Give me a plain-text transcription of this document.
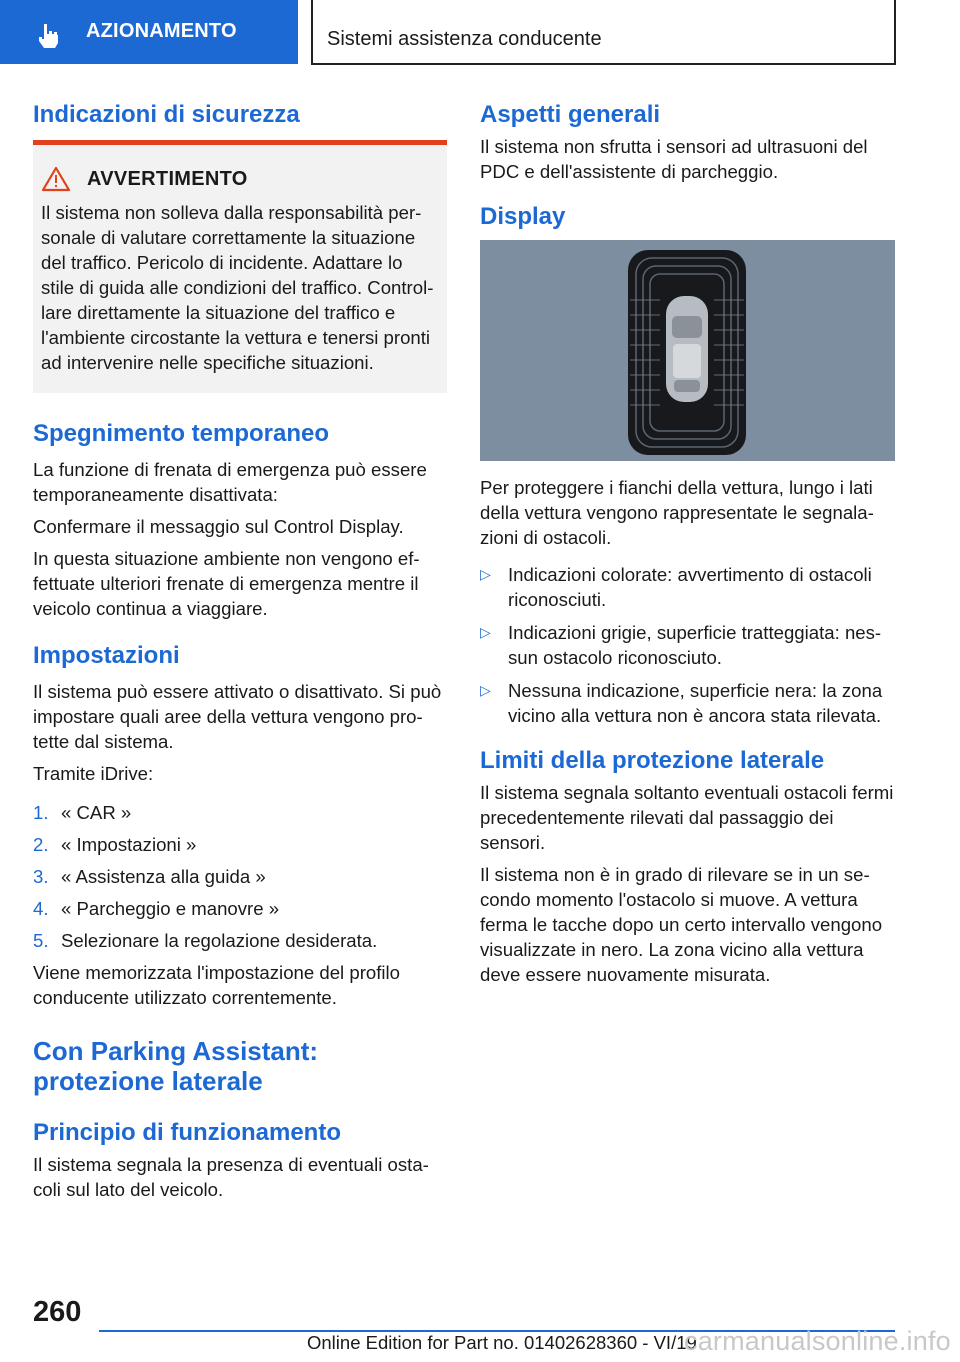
AZIONAMENTO	Sistemi assistenza conducente
Indicazioni di sicurezza
AVVERTIMENTO

Il sistema non solleva dalla responsabilità personale di valutare correttamente la situazione del traffico. Pericolo di incidente. Adattare lo stile di guida alle condizioni del traffico. Controllare direttamente la situazione del traffico e l'ambiente circostante la vettura e tenersi pronti ad intervenire nelle specifiche situazioni.

Spegnimento temporaneo

La funzione di frenata di emergenza può essere temporaneamente disattivata:

Confermare il messaggio sul Control Display.

In questa situazione ambiente non vengono effettuate ulteriori frenate di emergenza mentre il veicolo continua a viaggiare.

Impostazioni

Il sistema può essere attivato o disattivato. Si può impostare quali aree della vettura vengono protette dal sistema.

Tramite iDrive:

1. « CAR »
2. « Impostazioni »
3. « Assistenza alla guida »
4. « Parcheggio e manovre »
5. Selezionare la regolazione desiderata.

Viene memorizzata l'impostazione del profilo conducente utilizzato correntemente.

Con Parking Assistant:
protezione laterale
Principio di funzionamento

Il sistema segnala la presenza di eventuali ostacoli sul lato del veicolo.

Aspetti generali

Il sistema non sfrutta i sensori ad ultrasuoni del PDC e dell'assistente di parcheggio.

Display

Per proteggere i fianchi della vettura, lungo i lati della vettura vengono rappresentate le segnalazioni di ostacoli.

▷ Indicazioni colorate: avvertimento di ostacoli riconosciuti.
▷ Indicazioni grigie, superficie tratteggiata: nessun ostacolo riconosciuto.
▷ Nessuna indicazione, superficie nera: la zona vicino alla vettura non è ancora stata rilevata.
Limiti della protezione laterale

Il sistema segnala soltanto eventuali ostacoli fermi precedentemente rilevati dal passaggio dei sensori.

Il sistema non è in grado di rilevare se in un secondo momento l'ostacolo si muove. A vettura ferma le tacche dopo un certo intervallo vengono visualizzate in nero. La zona vicino alla vettura deve essere nuovamente misurata.

260
Online Edition for Part no. 01402628360 - VI/19
carmanualsonline.info
